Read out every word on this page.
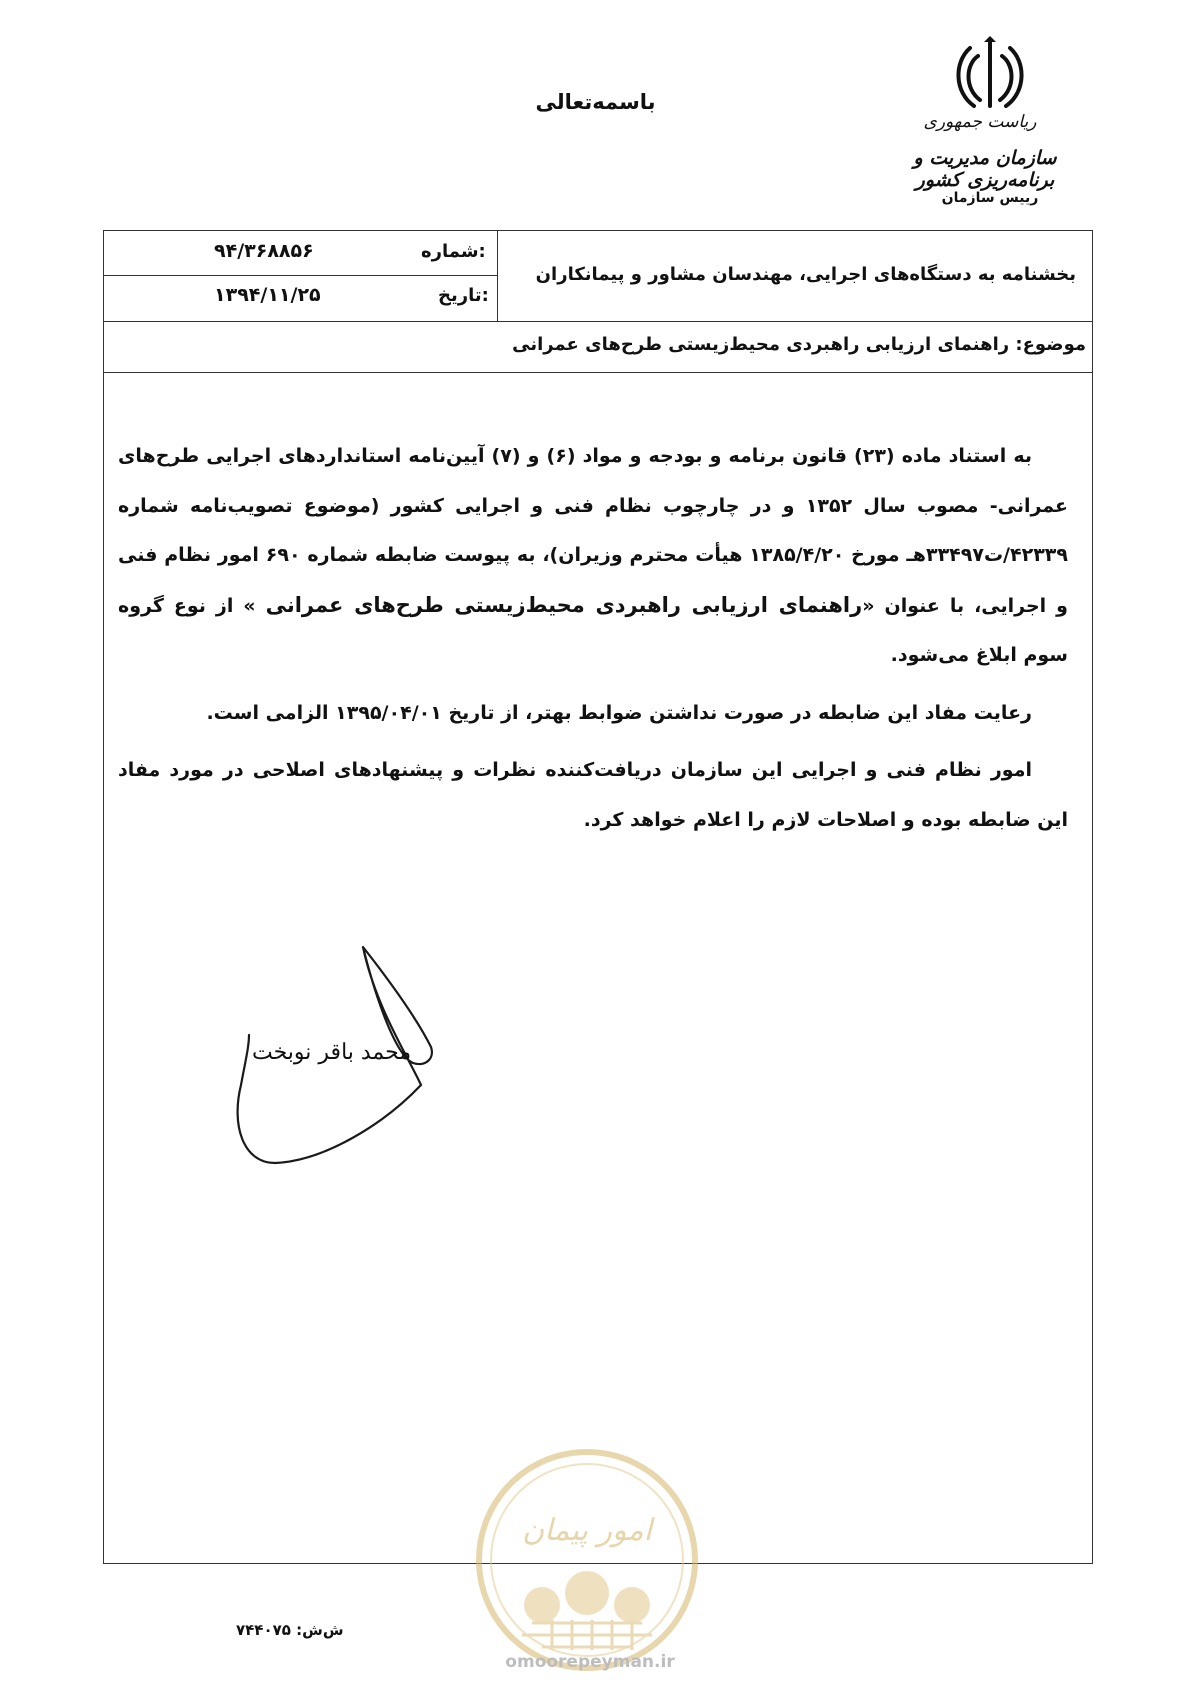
باسمه‌تعالی
ریاست جمهوری
سازمان مدیریت و برنامه‌ریزی کشور
رییس سازمان
شماره:
۹۴/۳۶۸۸۵۶
تاریخ:
۱۳۹۴/۱۱/۲۵
بخشنامه به دستگاه‌های اجرایی، مهندسان مشاور و پیمانکاران
موضوع: راهنمای ارزیابی راهبردی محیط‌زیستی طرح‌های عمرانی

به استناد ماده (۲۳) قانون برنامه و بودجه و مواد (۶) و (۷) آیین‌نامه استانداردهای اجرایی طرح‌های عمرانی- مصوب سال ۱۳۵۲ و در چارچوب نظام فنی و اجرایی کشور (موضوع تصویب‌نامه شماره ۴۲۳۳۹/ت۳۳۴۹۷هـ مورخ ۱۳۸۵/۴/۲۰ هیأت محترم وزیران)، به پیوست ضابطه شماره ۶۹۰ امور نظام فنی و اجرایی، با عنوان «راهنمای ارزیابی راهبردی محیط‌زیستی طرح‌های عمرانی » از نوع گروه سوم ابلاغ می‌شود.

رعایت مفاد این ضابطه در صورت نداشتن ضوابط بهتر، از تاریخ ۱۳۹۵/۰۴/۰۱ الزامی است.

امور نظام فنی و اجرایی این سازمان دریافت‌کننده نظرات و پیشنهادهای اصلاحی در مورد مفاد این ضابطه بوده و اصلاحات لازم را اعلام خواهد کرد.

محمد باقر نوبخت
امور پیمان
omoorepeyman.ir
ش‌ش: ۷۴۴۰۷۵
